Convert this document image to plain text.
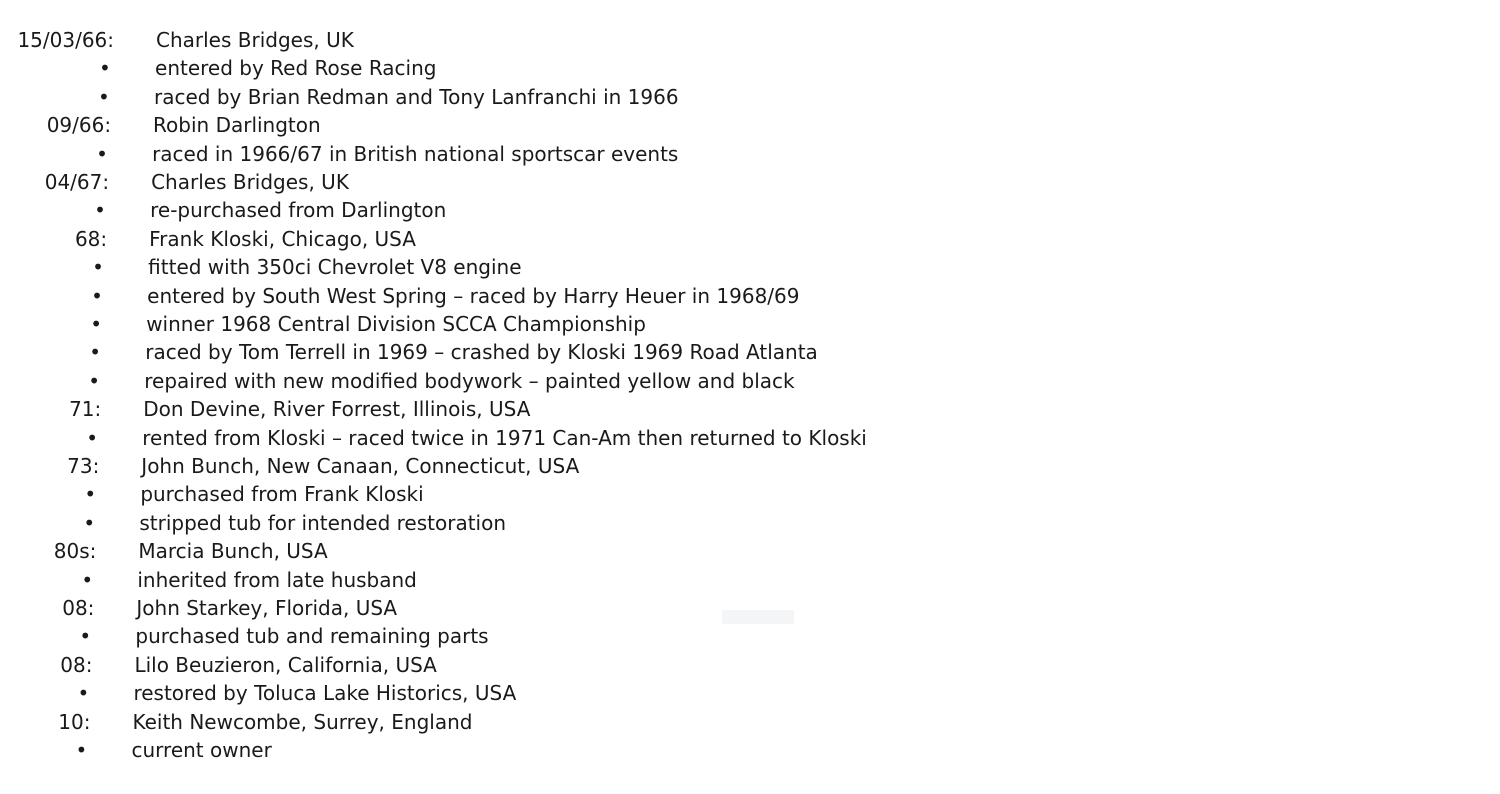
15/03/66: Charles Bridges, UK
• entered by Red Rose Racing
• raced by Brian Redman and Tony Lanfranchi in 1966
09/66: Robin Darlington
• raced in 1966/67 in British national sportscar events
04/67: Charles Bridges, UK
• re-purchased from Darlington
68: Frank Kloski, Chicago, USA
• fitted with 350ci Chevrolet V8 engine
• entered by South West Spring – raced by Harry Heuer in 1968/69
• winner 1968 Central Division SCCA Championship
• raced by Tom Terrell in 1969 – crashed by Kloski 1969 Road Atlanta
• repaired with new modified bodywork – painted yellow and black
71: Don Devine, River Forrest, Illinois, USA
• rented from Kloski – raced twice in 1971 Can-Am then returned to Kloski
73: John Bunch, New Canaan, Connecticut, USA
• purchased from Frank Kloski
• stripped tub for intended restoration
80s: Marcia Bunch, USA
• inherited from late husband
08: John Starkey, Florida, USA
• purchased tub and remaining parts
08: Lilo Beuzieron, California, USA
• restored by Toluca Lake Historics, USA
10: Keith Newcombe, Surrey, England
• current owner
